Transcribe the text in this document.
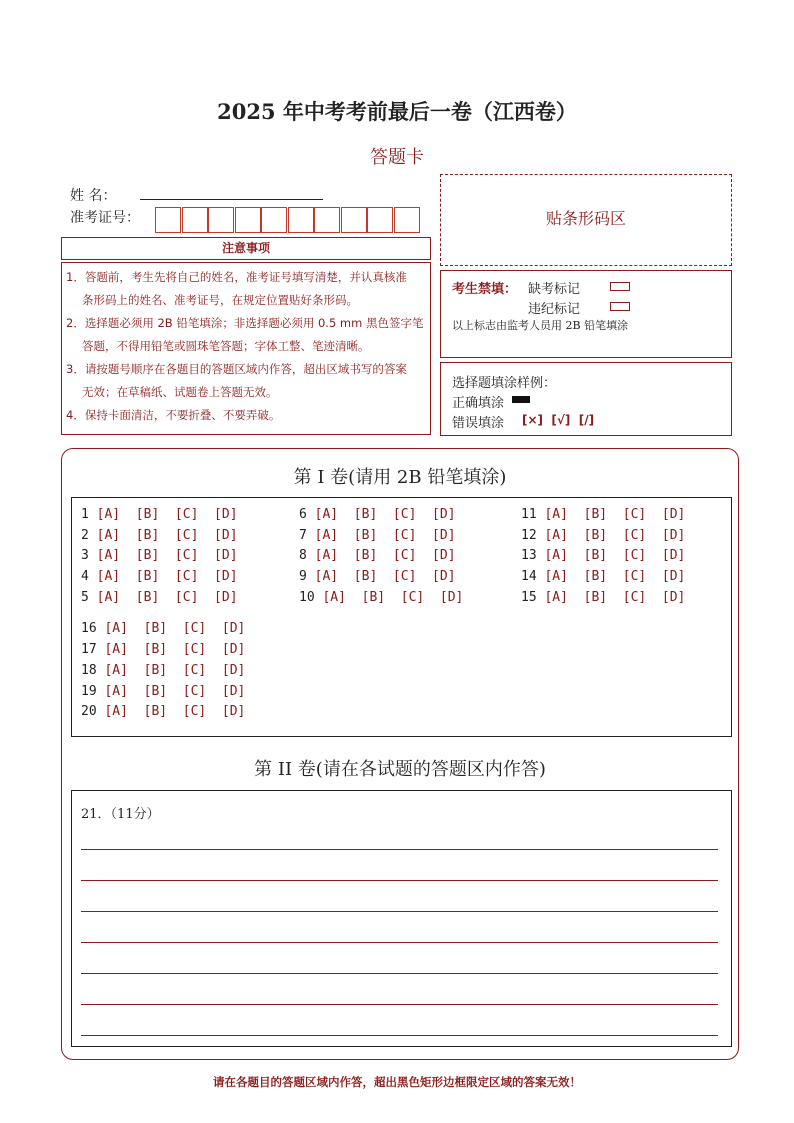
2025 年中考考前最后一卷（江西卷）
答题卡
姓 名：
准考证号：	贴条形码区
注意事项
1．答题前，考生先将自己的姓名，准考证号填写清楚，并认真核准
条形码上的姓名、准考证号，在规定位置贴好条形码。
2．选择题必须用 2B 铅笔填涂；非选择题必须用 0.5 mm 黑色签字笔
答题，不得用铅笔或圆珠笔答题；字体工整、笔迹清晰。
3．请按题号顺序在各题目的答题区域内作答，超出区域书写的答案
无效；在草稿纸、试题卷上答题无效。
4．保持卡面清洁，不要折叠、不要弄破。
考生禁填： 缺考标记
违纪标记
以上标志由监考人员用 2B 铅笔填涂
选择题填涂样例：
正确填涂
错误填涂 [×]  [√]  [/]
第 I 卷(请用 2B 铅笔填涂)
1 [A]  [B]  [C]  [D]
2 [A]  [B]  [C]  [D]
3 [A]  [B]  [C]  [D]
4 [A]  [B]  [C]  [D]
5 [A]  [B]  [C]  [D]
6 [A]  [B]  [C]  [D]
7 [A]  [B]  [C]  [D]
8 [A]  [B]  [C]  [D]
9 [A]  [B]  [C]  [D]
10 [A]  [B]  [C]  [D]
11 [A]  [B]  [C]  [D]
12 [A]  [B]  [C]  [D]
13 [A]  [B]  [C]  [D]
14 [A]  [B]  [C]  [D]
15 [A]  [B]  [C]  [D]
16 [A]  [B]  [C]  [D]
17 [A]  [B]  [C]  [D]
18 [A]  [B]  [C]  [D]
19 [A]  [B]  [C]  [D]
20 [A]  [B]  [C]  [D]
第 II 卷(请在各试题的答题区内作答)
21．（11分）
请在各题目的答题区域内作答，超出黑色矩形边框限定区域的答案无效！
